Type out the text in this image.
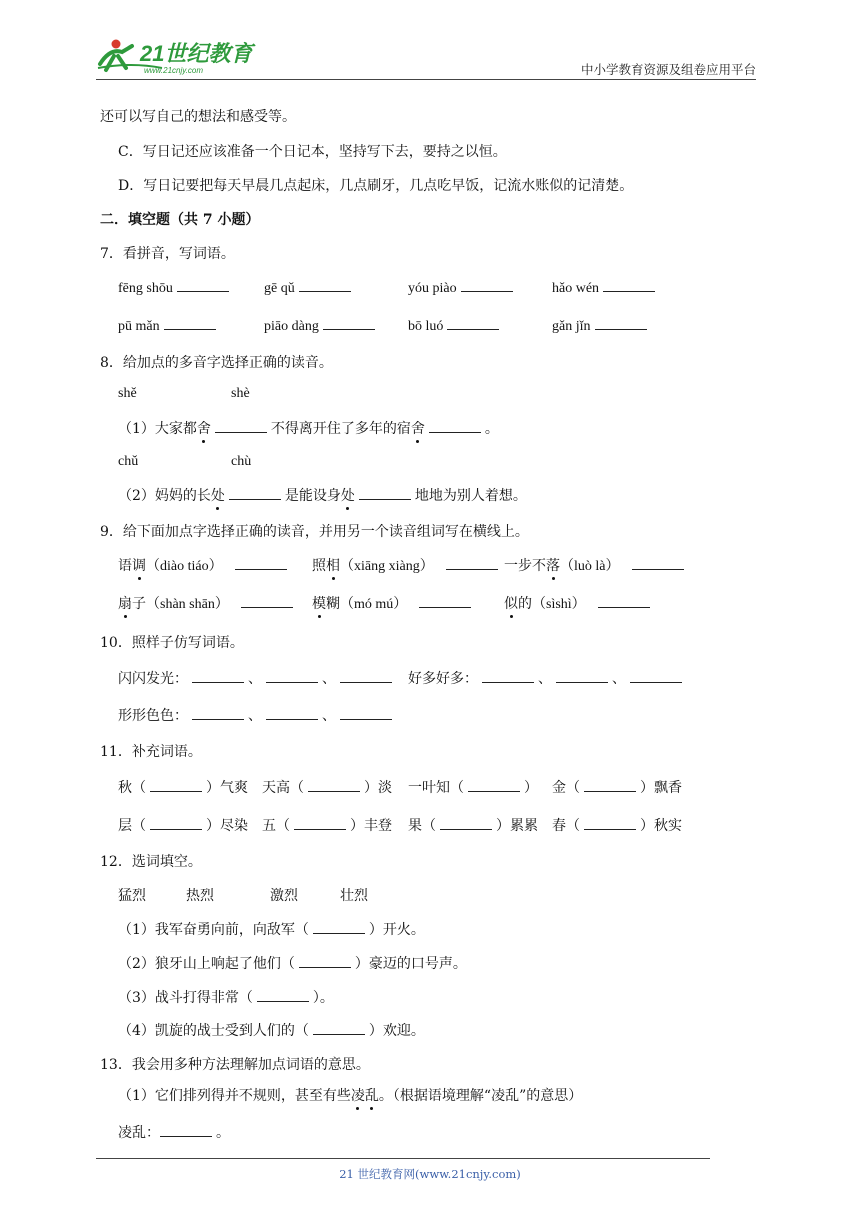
21世纪教育
www.21cnjy.com	中小学教育资源及组卷应用平台
还可以写自己的想法和感受等。
C．写日记还应该准备一个日记本，坚持写下去，要持之以恒。
D．写日记要把每天早晨几点起床，几点刷牙，几点吃早饭，记流水账似的记清楚。
二．填空题（共 7 小题）
7．看拼音，写词语。
fēng shōu	gē qǔ	yóu piào	hǎo wén
pū mǎn	piāo dàng	bō luó	gǎn jǐn
8．给加点的多音字选择正确的读音。
shě	shè
（1）大家都舍	不得离开住了多年的宿舍	。
chǔ	chù
（2）妈妈的长处	是能设身处	地地为别人着想。
9．给下面加点字选择正确的读音，并用另一个读音组词写在横线上。
语调（diào tiáo）	照相（xiāng xiàng）	一步不落（luò là）
扇子（shàn shān）	模糊（mó mú）	似的（sìshì）
10．照样子仿写词语。
闪闪发光：	、	、	好多好多：	、	、
形形色色：	、	、
11．补充词语。
秋（	）气爽 天高（	）淡 一叶知（	） 金（	）飘香
层（	）尽染 五（	）丰登 果（	）累累 春（	）秋实
12．选词填空。
猛烈	热烈	激烈	壮烈
（1）我军奋勇向前，向敌军（	）开火。
（2）狼牙山上响起了他们（	）豪迈的口号声。
（3）战斗打得非常（	）。
（4）凯旋的战士受到人们的（	）欢迎。
13．我会用多种方法理解加点词语的意思。
（1）它们排列得并不规则，甚至有些凌乱。（根据语境理解“凌乱”的意思）
凌乱：	。
21 世纪教育网(www.21cnjy.com)
